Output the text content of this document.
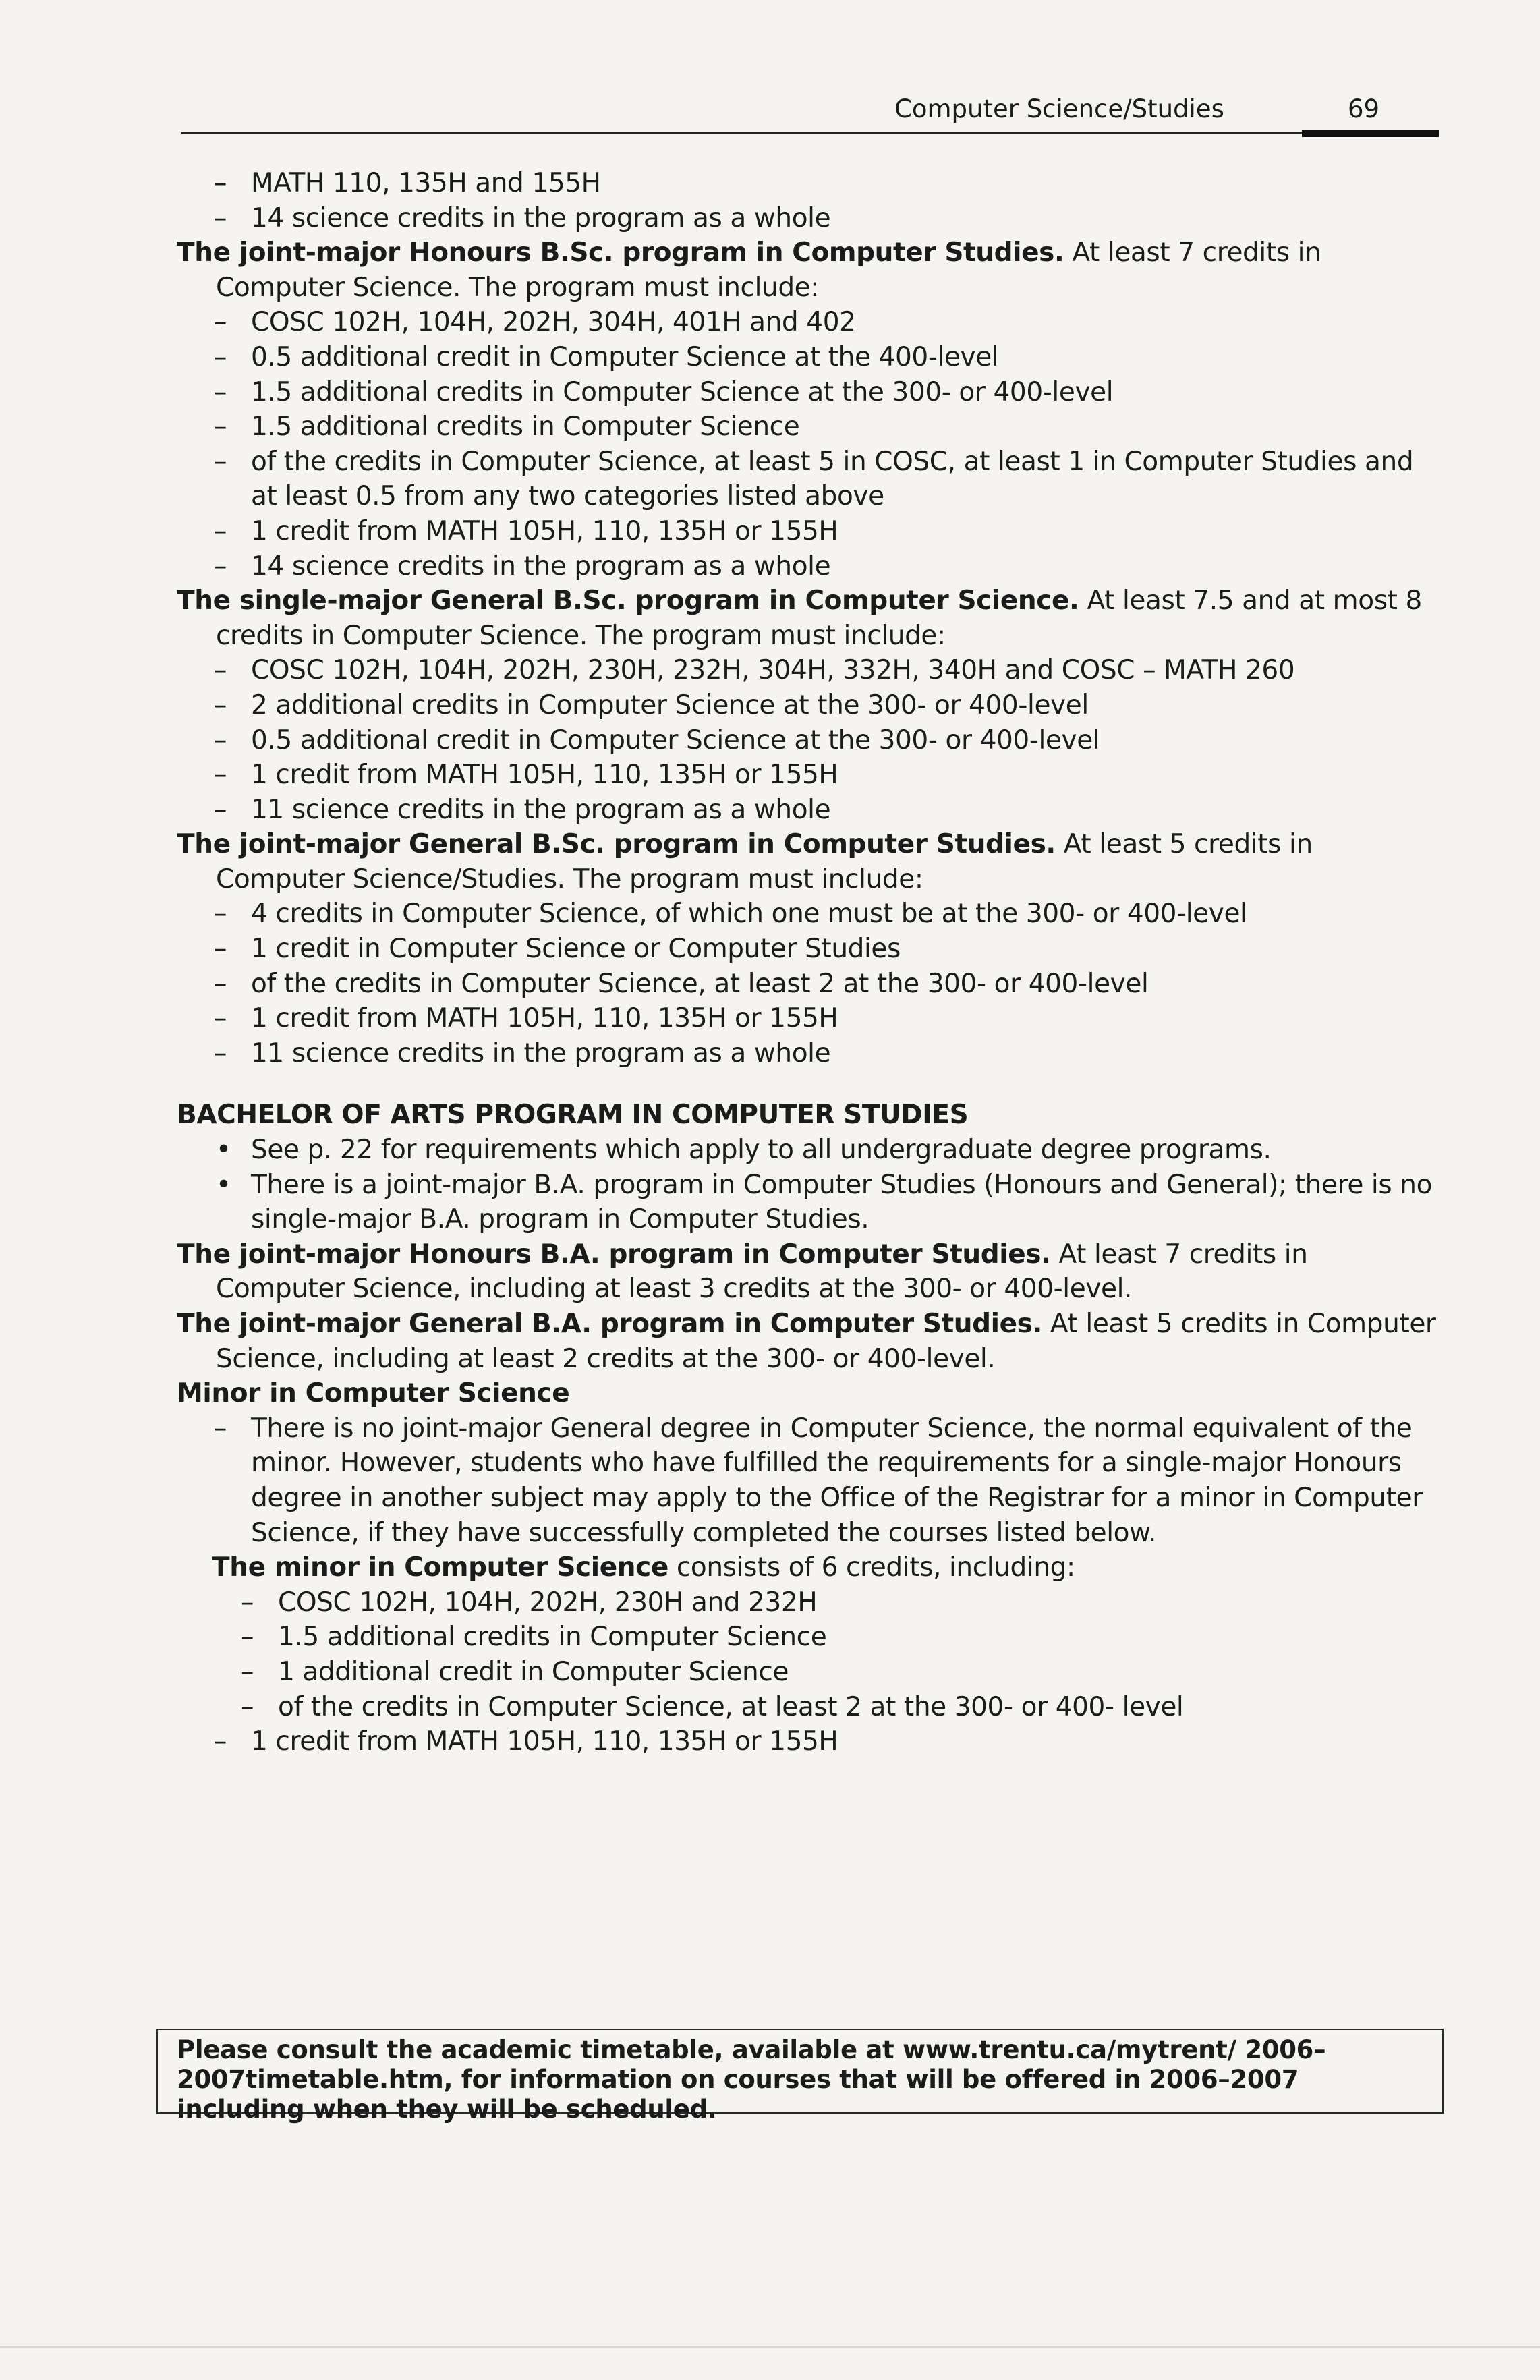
Computer Science/Studies	69

– MATH 110, 135H and 155H

– 14 science credits in the program as a whole

The joint-major Honours B.Sc. program in Computer Studies. At least 7 credits in Computer Science. The program must include:

– COSC 102H, 104H, 202H, 304H, 401H and 402

– 0.5 additional credit in Computer Science at the 400-level

– 1.5 additional credits in Computer Science at the 300- or 400-level

– 1.5 additional credits in Computer Science

– of the credits in Computer Science, at least 5 in COSC, at least 1 in Computer Studies and at least 0.5 from any two categories listed above

– 1 credit from MATH 105H, 110, 135H or 155H

– 14 science credits in the program as a whole

The single-major General B.Sc. program in Computer Science. At least 7.5 and at most 8 credits in Computer Science. The program must include:

– COSC 102H, 104H, 202H, 230H, 232H, 304H, 332H, 340H and COSC – MATH 260

– 2 additional credits in Computer Science at the 300- or 400-level

– 0.5 additional credit in Computer Science at the 300- or 400-level

– 1 credit from MATH 105H, 110, 135H or 155H

– 11 science credits in the program as a whole

The joint-major General B.Sc. program in Computer Studies. At least 5 credits in Computer Science/Studies. The program must include:

– 4 credits in Computer Science, of which one must be at the 300- or 400-level

– 1 credit in Computer Science or Computer Studies

– of the credits in Computer Science, at least 2 at the 300- or 400-level

– 1 credit from MATH 105H, 110, 135H or 155H

– 11 science credits in the program as a whole

BACHELOR OF ARTS PROGRAM IN COMPUTER STUDIES

• See p. 22 for requirements which apply to all undergraduate degree programs.

• There is a joint-major B.A. program in Computer Studies (Honours and General); there is no single-major B.A. program in Computer Studies.

The joint-major Honours B.A. program in Computer Studies. At least 7 credits in Computer Science, including at least 3 credits at the 300- or 400-level.

The joint-major General B.A. program in Computer Studies. At least 5 credits in Computer Science, including at least 2 credits at the 300- or 400-level.

Minor in Computer Science

– There is no joint-major General degree in Computer Science, the normal equivalent of the minor. However, students who have fulfilled the requirements for a single-major Honours degree in another subject may apply to the Office of the Registrar for a minor in Computer Science, if they have successfully completed the courses listed below.

The minor in Computer Science consists of 6 credits, including:

– COSC 102H, 104H, 202H, 230H and 232H

– 1.5 additional credits in Computer Science

– 1 additional credit in Computer Science

– of the credits in Computer Science, at least 2 at the 300- or 400- level

– 1 credit from MATH 105H, 110, 135H or 155H

Please consult the academic timetable, available at www.trentu.ca/mytrent/ 2006–2007timetable.htm, for information on courses that will be offered in 2006–2007 including when they will be scheduled.
